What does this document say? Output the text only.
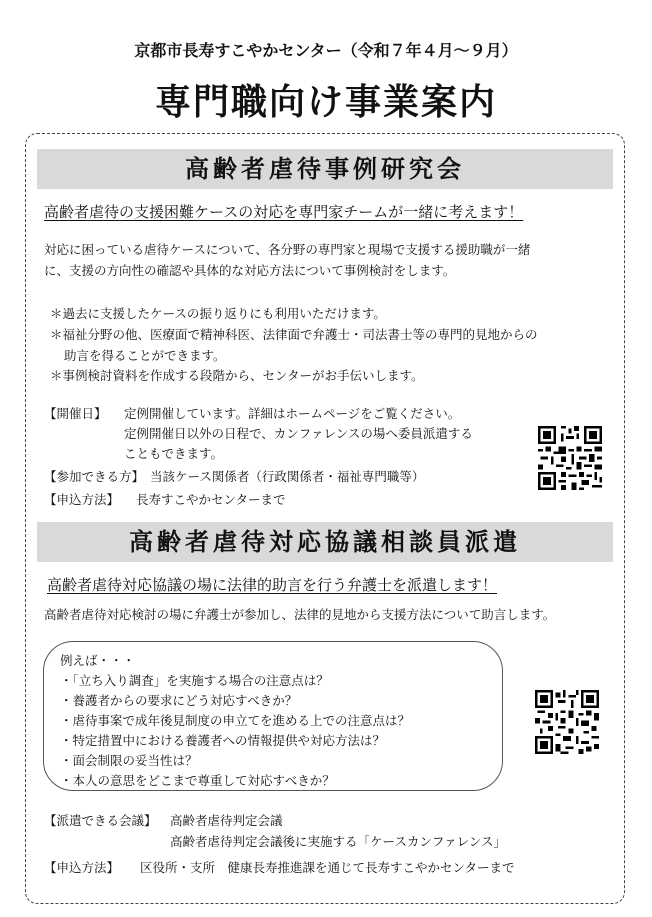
京都市長寿すこやかセンター（令和７年４月～９月）
専門職向け事業案内
高齢者虐待事例研究会
高齢者虐待の支援困難ケースの対応を専門家チームが一緒に考えます！
対応に困っている虐待ケースについて、各分野の専門家と現場で支援する援助職が一緒
に、支援の方向性の確認や具体的な対応方法について事例検討をします。
＊過去に支援したケースの振り返りにも利用いただけます。
＊福祉分野の他、医療面で精神科医、法律面で弁護士・司法書士等の専門的見地からの
助言を得ることができます。
＊事例検討資料を作成する段階から、センターがお手伝いします。
【開催日】 定例開催しています。詳細はホームページをご覧ください。
定例開催日以外の日程で、カンファレンスの場へ委員派遣する
こともできます。
【参加できる方】 当該ケース関係者（行政関係者・福祉専門職等）
【申込方法】 長寿すこやかセンターまで
高齢者虐待対応協議相談員派遣
高齢者虐待対応協議の場に法律的助言を行う弁護士を派遣します！
高齢者虐待対応検討の場に弁護士が参加し、法律的見地から支援方法について助言します。
例えば・・・
・「立ち入り調査」を実施する場合の注意点は？
・養護者からの要求にどう対応すべきか？
・虐待事案で成年後見制度の申立てを進める上での注意点は？
・特定措置中における養護者への情報提供や対応方法は？
・面会制限の妥当性は？
・本人の意思をどこまで尊重して対応すべきか？
【派遣できる会議】 高齢者虐待判定会議
高齢者虐待判定会議後に実施する「ケースカンファレンス」
【申込方法】 区役所・支所　健康長寿推進課を通じて長寿すこやかセンターまで
